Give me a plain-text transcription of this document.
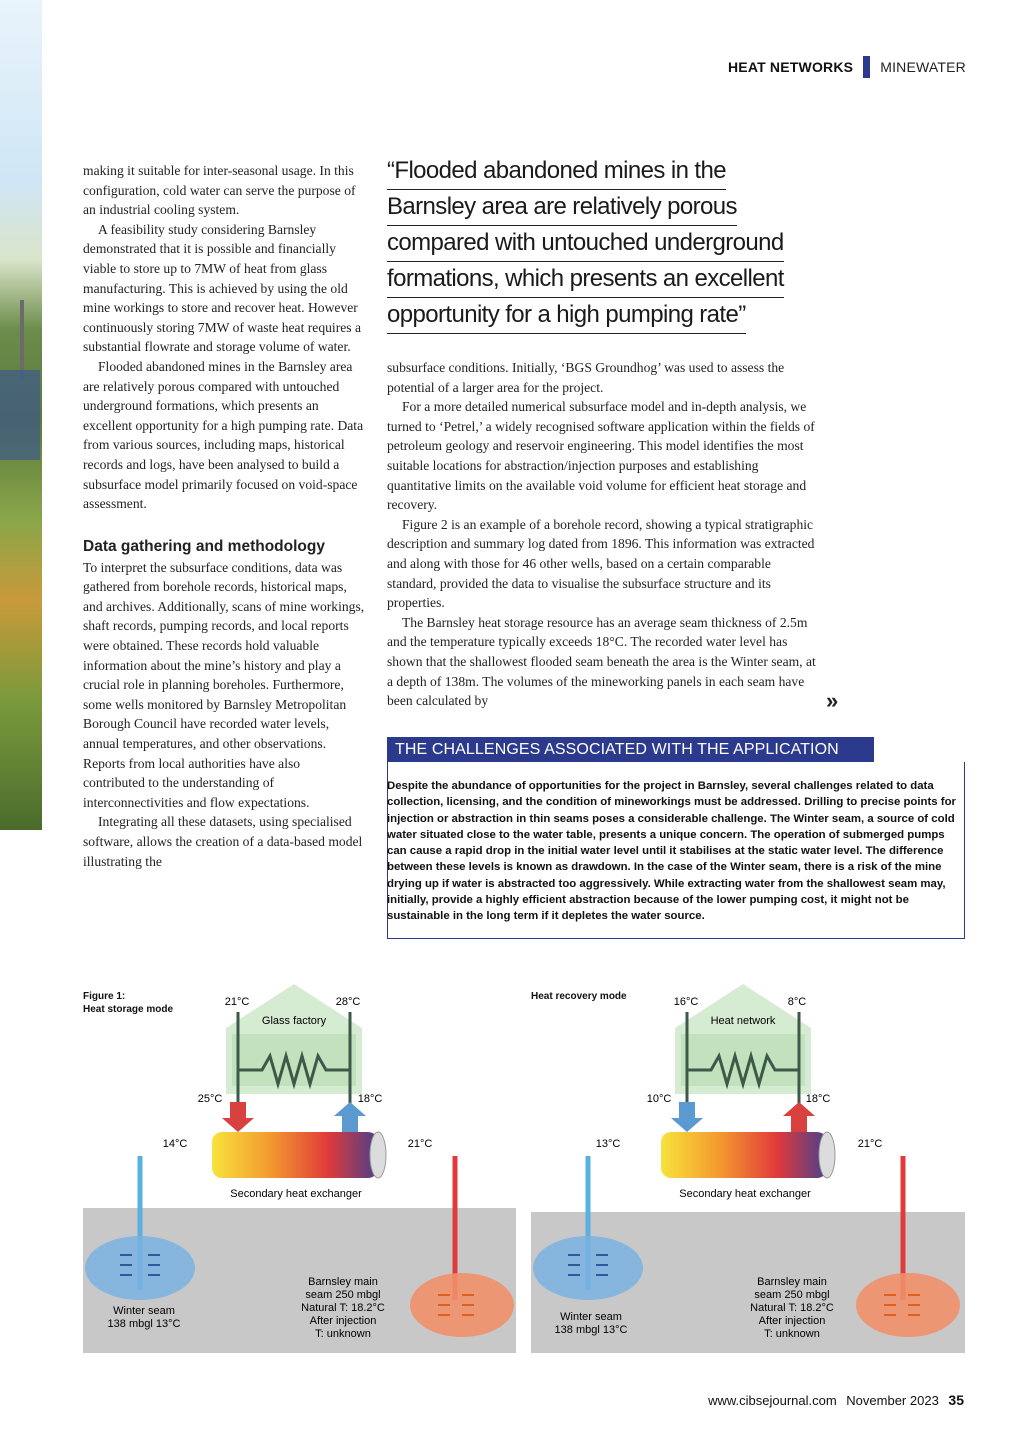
HEAT NETWORKS MINEWATER

making it suitable for inter-seasonal usage. In this configuration, cold water can serve the purpose of an industrial cooling system.

A feasibility study considering Barnsley demonstrated that it is possible and financially viable to store up to 7MW of heat from glass manufacturing. This is achieved by using the old mine workings to store and recover heat. However continuously storing 7MW of waste heat requires a substantial flowrate and storage volume of water.

Flooded abandoned mines in the Barnsley area are relatively porous compared with untouched underground formations, which presents an excellent opportunity for a high pumping rate. Data from various sources, including maps, historical records and logs, have been analysed to build a subsurface model primarily focused on void-space assessment.

Data gathering and methodology

To interpret the subsurface conditions, data was gathered from borehole records, historical maps, and archives. Additionally, scans of mine workings, shaft records, pumping records, and local reports were obtained. These records hold valuable information about the mine’s history and play a crucial role in planning boreholes. Furthermore, some wells monitored by Barnsley Metropolitan Borough Council have recorded water levels, annual temperatures, and other observations. Reports from local authorities have also contributed to the understanding of interconnectivities and flow expectations.

Integrating all these datasets, using specialised software, allows the creation of a data-based model illustrating the

“Flooded abandoned mines in the
Barnsley area are relatively porous
compared with untouched underground
formations, which presents an excellent
opportunity for a high pumping rate”

subsurface conditions. Initially, ‘BGS Groundhog’ was used to assess the potential of a larger area for the project.

For a more detailed numerical subsurface model and in-depth analysis, we turned to ‘Petrel,’ a widely recognised software application within the fields of petroleum geology and reservoir engineering. This model identifies the most suitable locations for abstraction/injection purposes and establishing quantitative limits on the available void volume for efficient heat storage and recovery.

Figure 2 is an example of a borehole record, showing a typical stratigraphic description and summary log dated from 1896. This information was extracted and along with those for 46 other wells, based on a certain comparable standard, provided the data to visualise the subsurface structure and its properties.

The Barnsley heat storage resource has an average seam thickness of 2.5m and the temperature typically exceeds 18°C. The recorded water level has shown that the shallowest flooded seam beneath the area is the Winter seam, at a depth of 138m. The volumes of the mineworking panels in each seam have been calculated by	»
THE CHALLENGES ASSOCIATED WITH THE APPLICATION
Despite the abundance of opportunities for the project in Barnsley, several challenges related to data collection, licensing, and the condition of mineworkings must be addressed. Drilling to precise points for injection or abstraction in thin seams poses a considerable challenge. The Winter seam, a source of cold water situated close to the water table, presents a unique concern. The operation of submerged pumps can cause a rapid drop in the initial water level until it stabilises at the static water level. The difference between these levels is known as drawdown. In the case of the Winter seam, there is a risk of the mine drying up if water is abstracted too aggressively. While extracting water from the shallowest seam may, initially, provide a highly efficient abstraction because of the lower pumping cost, it might not be sustainable in the long term if it depletes the water source.
Figure 1:
Heat storage mode
Heat recovery mode
21°C	28°C
Glass factory
25°C	18°C
14°C	21°C
Secondary heat exchanger
Winter seam
138 mbgl 13°C
Barnsley main
seam 250 mbgl
Natural T: 18.2°C
After injection
T: unknown
16°C	8°C
Heat network
10°C	18°C
13°C	21°C
Secondary heat exchanger
Winter seam
138 mbgl 13°C
Barnsley main
seam 250 mbgl
Natural T: 18.2°C
After injection
T: unknown
www.cibsejournal.com November 2023 35
